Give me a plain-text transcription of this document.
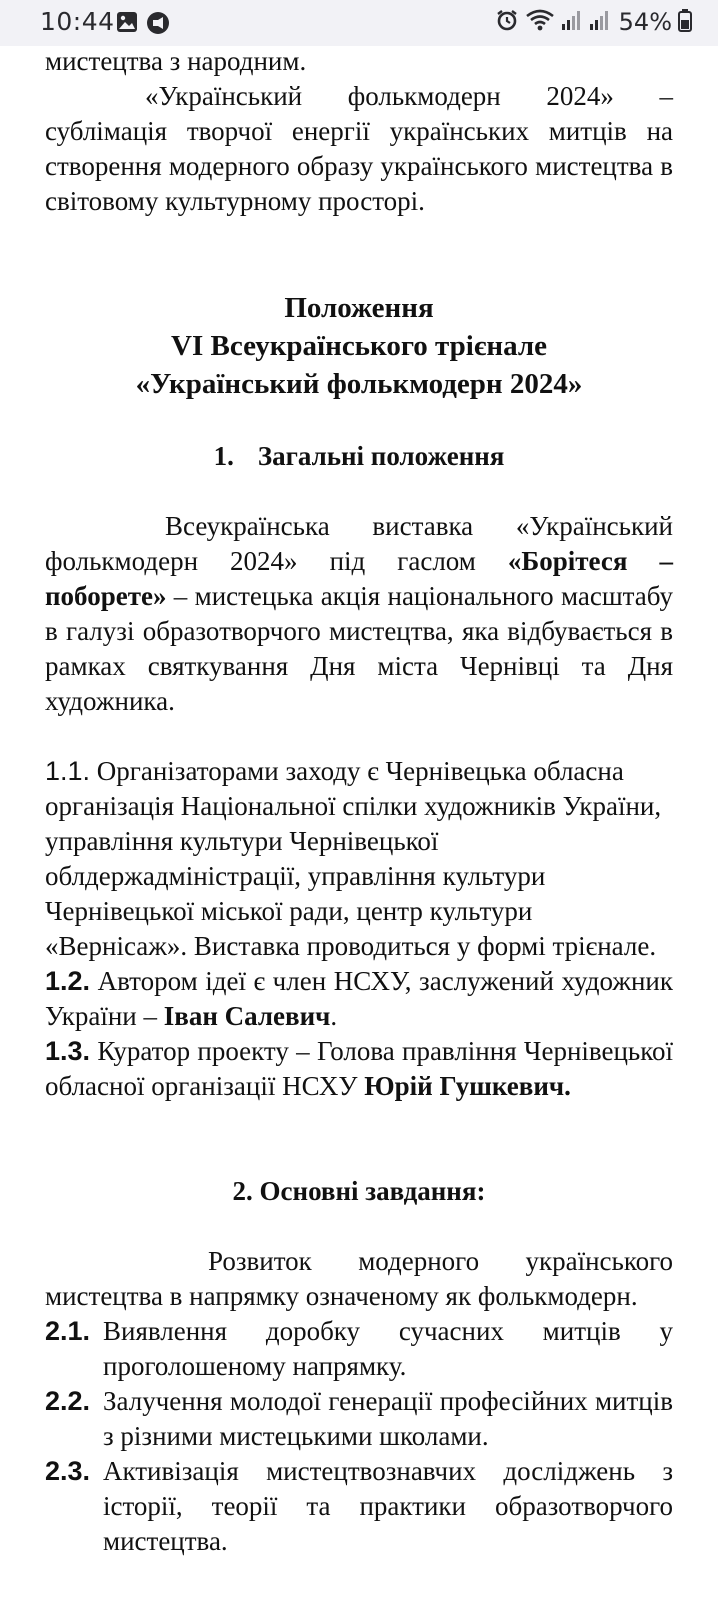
10:44	54%

мистецтва з народним.

«Український фолькмодерн 2024» – сублімація творчої енергії українських митців на створення модерного образу українського мистецтва в світовому культурному просторі.

Положення

VI Всеукраїнського трієнале

«Український фолькмодерн 2024»

1. Загальні положення

Всеукраїнська виставка «Український фолькмодерн 2024» під гаслом «Борітеся – поборете» – мистецька акція національного масштабу в галузі образотворчого мистецтва, яка відбувається в рамках святкування Дня міста Чернівці та Дня художника.

1.1. Організаторами заходу є Чернівецька обласна організація Національної спілки художників України, управління культури Чернівецької облдержадміністрації, управління культури Чернівецької міської ради, центр культури «Вернісаж». Виставка проводиться у формі трієнале.

1.2. Автором ідеї є член НСХУ, заслужений художник України – Іван Салевич.

1.3. Куратор проекту – Голова правління Чернівецької обласної організації НСХУ Юрій Гушкевич.

2. Основні завдання:

Розвиток модерного українського мистецтва в напрямку означеному як фолькмодерн.

2.1. Виявлення доробку сучасних митців у проголошеному напрямку.
2.2. Залучення молодої генерації професійних митців з різними мистецькими школами.
2.3. Активізація мистецтвознавчих досліджень з історії, теорії та практики образотворчого мистецтва.
